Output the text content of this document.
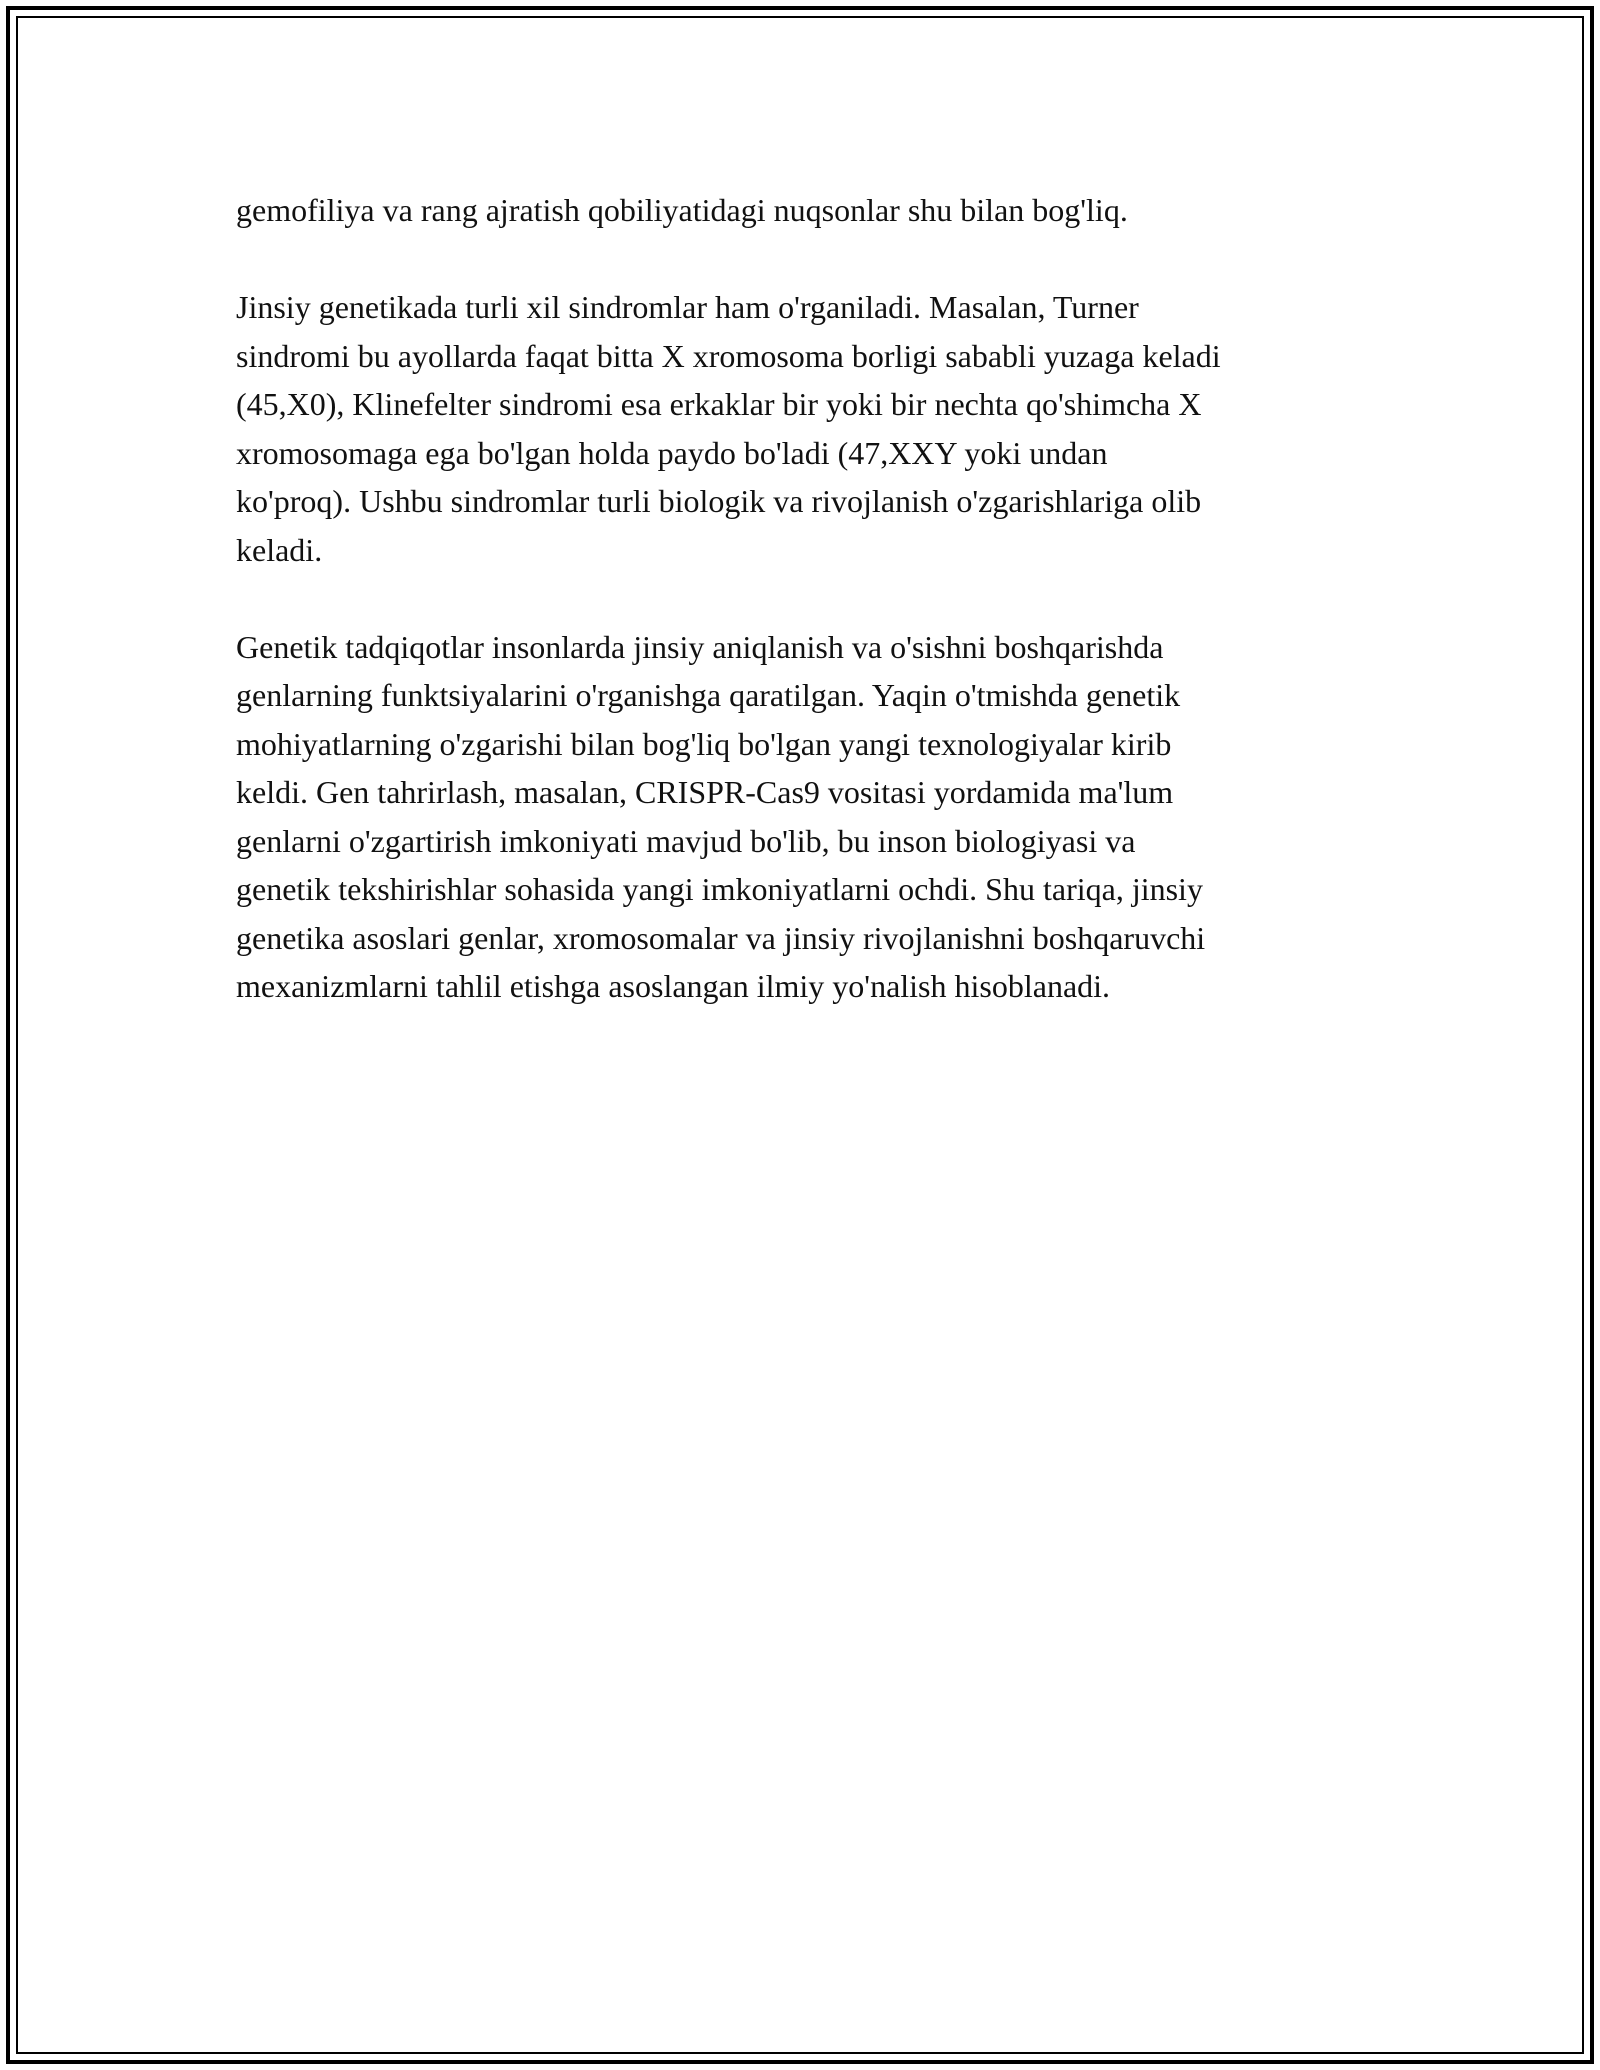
gemofiliya va rang ajratish qobiliyatidagi nuqsonlar shu bilan bog'liq.

Jinsiy genetikada turli xil sindromlar ham o'rganiladi. Masalan, Turner
sindromi bu ayollarda faqat bitta X xromosoma borligi sababli yuzaga keladi
(45,X0), Klinefelter sindromi esa erkaklar bir yoki bir nechta qo'shimcha X
xromosomaga ega bo'lgan holda paydo bo'ladi (47,XXY yoki undan
ko'proq). Ushbu sindromlar turli biologik va rivojlanish o'zgarishlariga olib
keladi.

Genetik tadqiqotlar insonlarda jinsiy aniqlanish va o'sishni boshqarishda
genlarning funktsiyalarini o'rganishga qaratilgan. Yaqin o'tmishda genetik
mohiyatlarning o'zgarishi bilan bog'liq bo'lgan yangi texnologiyalar kirib
keldi. Gen tahrirlash, masalan, CRISPR-Cas9 vositasi yordamida ma'lum
genlarni o'zgartirish imkoniyati mavjud bo'lib, bu inson biologiyasi va
genetik tekshirishlar sohasida yangi imkoniyatlarni ochdi. Shu tariqa, jinsiy
genetika asoslari genlar, xromosomalar va jinsiy rivojlanishni boshqaruvchi
mexanizmlarni tahlil etishga asoslangan ilmiy yo'nalish hisoblanadi.
